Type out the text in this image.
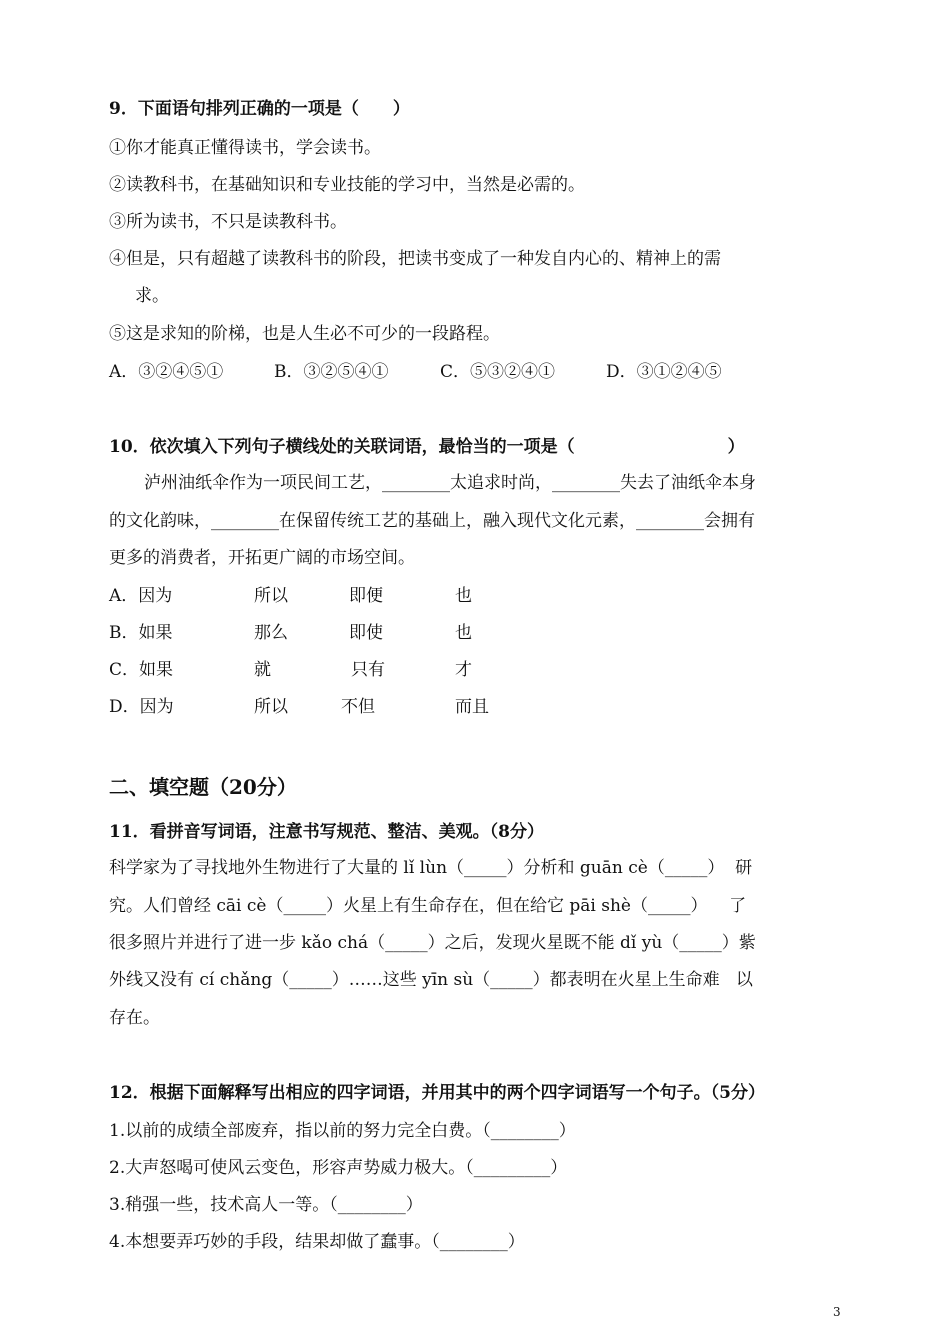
9．下面语句排列正确的一项是（　　）
①你才能真正懂得读书，学会读书。
②读教科书，在基础知识和专业技能的学习中，当然是必需的。
③所为读书，不只是读教科书。
④但是，只有超越了读教科书的阶段，把读书变成了一种发自内心的、精神上的需
求。
⑤这是求知的阶梯，也是人生必不可少的一段路程。
A．③②④⑤①	B．③②⑤④①	C．⑤③②④①	D．③①②④⑤
10．依次填入下列句子横线处的关联词语，最恰当的一项是（　　　　　　　　　）
泸州油纸伞作为一项民间工艺，________太追求时尚，________失去了油纸伞本身
的文化韵味，________在保留传统工艺的基础上，融入现代文化元素，________会拥有
更多的消费者，开拓更广阔的市场空间。
A．因为	所以	即便	也
B．如果	那么	即使	也
C．如果	就	只有	才
D．因为	所以	不但	而且
二、填空题（20分）
11．看拼音写词语，注意书写规范、整洁、美观。（8分）
科学家为了寻找地外生物进行了大量的 lǐ lùn（_____）分析和 guān cè（_____）  研
究。人们曾经 cāi cè（_____）火星上有生命存在，但在给它 pāi shè（_____）    了
很多照片并进行了进一步 kǎo chá（_____）之后，发现火星既不能 dǐ yù（_____）紫
外线又没有 cí chǎng（_____）……这些 yīn sù（_____）都表明在火星上生命难   以
存在。
12．根据下面解释写出相应的四字词语，并用其中的两个四字词语写一个句子。（5分）
1.以前的成绩全部废弃，指以前的努力完全白费。（________）
2.大声怒喝可使风云变色，形容声势威力极大。（_________）
3.稍强一些，技术高人一等。（________）
4.本想要弄巧妙的手段，结果却做了蠢事。（________）
3
